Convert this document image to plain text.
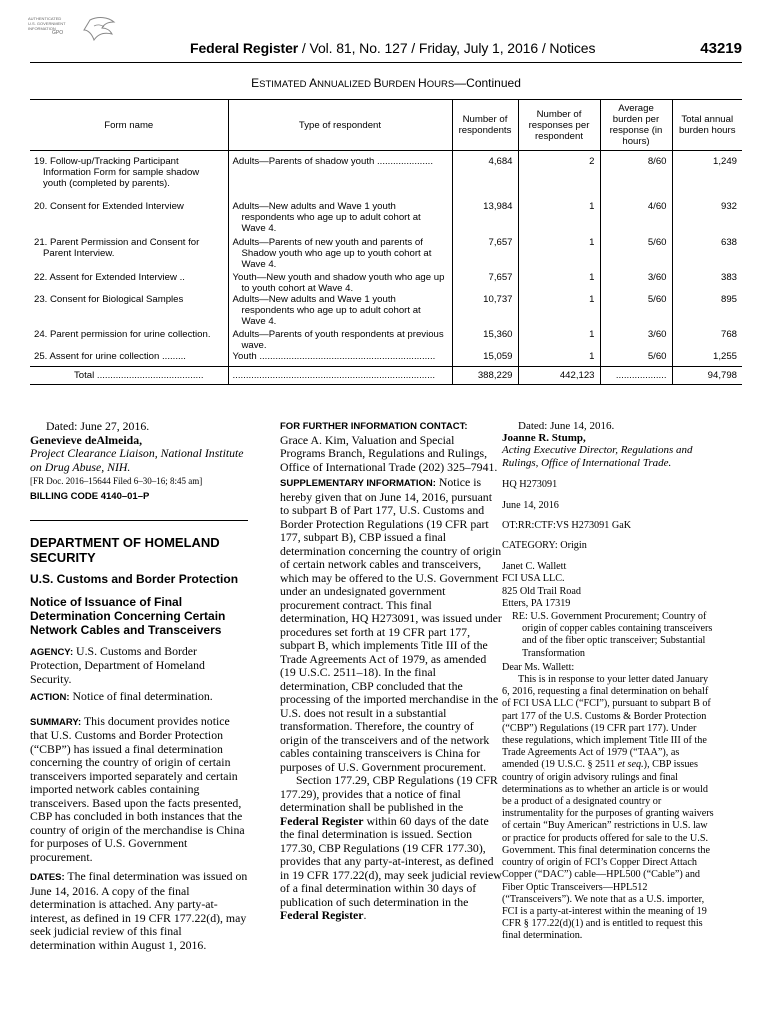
AUTHENTICATED
U.S. GOVERNMENT
INFORMATION
GPO
Federal Register / Vol. 81, No. 127 / Friday, July 1, 2016 / Notices	43219
ESTIMATED ANNUALIZED BURDEN HOURS—Continued
Form name	Type of respondent	Number of respondents	Number of responses per respondent	Average burden per response (in hours)	Total annual burden hours
19. Follow-up/Tracking Participant Information Form for sample shadow youth (completed by parents).	Adults—Parents of shadow youth .....................	4,684	2	8/60	1,249
20. Consent for Extended Interview	Adults—New adults and Wave 1 youth respondents who age up to adult cohort at Wave 4.	13,984	1	4/60	932
21. Parent Permission and Consent for Parent Interview.	Adults—Parents of new youth and parents of Shadow youth who age up to youth cohort at Wave 4.	7,657	1	5/60	638
22. Assent for Extended Interview ..	Youth—New youth and shadow youth who age up to youth cohort at Wave 4.	7,657	1	3/60	383
23. Consent for Biological Samples	Adults—New adults and Wave 1 youth respondents who age up to adult cohort at Wave 4.	10,737	1	5/60	895
24. Parent permission for urine collection.	Adults—Parents of youth respondents at previous wave.	15,360	1	3/60	768
25. Assent for urine collection .........	Youth ..................................................................	15,059	1	5/60	1,255
Total ........................................	............................................................................	388,229	442,123	...................	94,798

Dated: June 27, 2016.

Genevieve deAlmeida,

Project Clearance Liaison, National Institute on Drug Abuse, NIH.

[FR Doc. 2016–15644 Filed 6–30–16; 8:45 am]

BILLING CODE 4140–01–P

DEPARTMENT OF HOMELAND SECURITY

U.S. Customs and Border Protection

Notice of Issuance of Final Determination Concerning Certain Network Cables and Transceivers

AGENCY: U.S. Customs and Border Protection, Department of Homeland Security.

ACTION: Notice of final determination.

SUMMARY: This document provides notice that U.S. Customs and Border Protection (“CBP”) has issued a final determination concerning the country of origin of certain transceivers imported separately and certain imported network cables containing transceivers. Based upon the facts presented, CBP has concluded in both instances that the country of origin of the merchandise is China for purposes of U.S. Government procurement.

DATES: The final determination was issued on June 14, 2016. A copy of the final determination is attached. Any party-at-interest, as defined in 19 CFR 177.22(d), may seek judicial review of this final determination within August 1, 2016.

FOR FURTHER INFORMATION CONTACT:

Grace A. Kim, Valuation and Special Programs Branch, Regulations and Rulings, Office of International Trade (202) 325–7941.

SUPPLEMENTARY INFORMATION: Notice is hereby given that on June 14, 2016, pursuant to subpart B of Part 177, U.S. Customs and Border Protection Regulations (19 CFR part 177, subpart B), CBP issued a final determination concerning the country of origin of certain network cables and transceivers, which may be offered to the U.S. Government under an undesignated government procurement contract. This final determination, HQ H273091, was issued under procedures set forth at 19 CFR part 177, subpart B, which implements Title III of the Trade Agreements Act of 1979, as amended (19 U.S.C. 2511–18). In the final determination, CBP concluded that the processing of the imported merchandise in the U.S. does not result in a substantial transformation. Therefore, the country of origin of the transceivers and of the network cables containing transceivers is China for purposes of U.S. Government procurement.

Section 177.29, CBP Regulations (19 CFR 177.29), provides that a notice of final determination shall be published in the Federal Register within 60 days of the date the final determination is issued. Section 177.30, CBP Regulations (19 CFR 177.30), provides that any party-at-interest, as defined in 19 CFR 177.22(d), may seek judicial review of a final determination within 30 days of publication of such determination in the Federal Register.

Dated: June 14, 2016.

Joanne R. Stump,

Acting Executive Director, Regulations and Rulings, Office of International Trade.

HQ H273091

June 14, 2016

OT:RR:CTF:VS H273091 GaK

CATEGORY: Origin

Janet C. Wallett

FCI USA LLC.

825 Old Trail Road

Etters, PA 17319

RE: U.S. Government Procurement; Country of origin of copper cables containing transceivers and of the fiber optic transceiver; Substantial Transformation

Dear Ms. Wallett:

This is in response to your letter dated January 6, 2016, requesting a final determination on behalf of FCI USA LLC (“FCI”), pursuant to subpart B of part 177 of the U.S. Customs & Border Protection (“CBP”) Regulations (19 CFR part 177). Under these regulations, which implement Title III of the Trade Agreements Act of 1979 (“TAA”), as amended (19 U.S.C. § 2511 et seq.), CBP issues country of origin advisory rulings and final determinations as to whether an article is or would be a product of a designated country or instrumentality for the purposes of granting waivers of certain “Buy American” restrictions in U.S. law or practice for products offered for sale to the U.S. Government. This final determination concerns the country of origin of FCI’s Copper Direct Attach Copper (“DAC”) cable—HPL500 (“Cable”) and Fiber Optic Transceivers—HPL512 (“Transceivers”). We note that as a U.S. importer, FCI is a party-at-interest within the meaning of 19 CFR § 177.22(d)(1) and is entitled to request this final determination.
